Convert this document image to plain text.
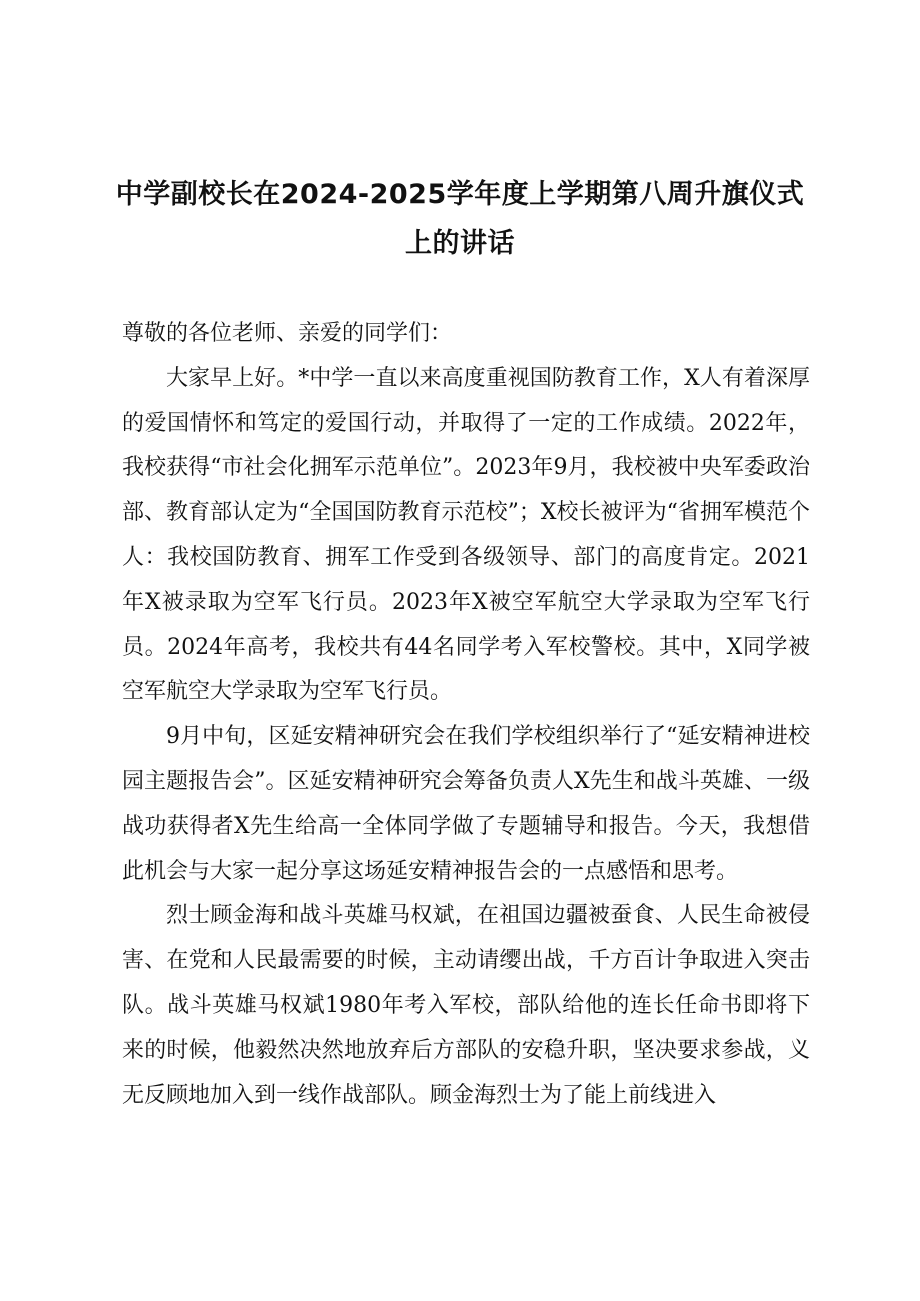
中学副校长在2024-2025学年度上学期第八周升旗仪式
上的讲话

尊敬的各位老师、亲爱的同学们：

大家早上好。*中学一直以来高度重视国防教育工作，X人有着深厚的爱国情怀和笃定的爱国行动，并取得了一定的工作成绩。2022年，我校获得“市社会化拥军示范单位”。2023年9月，我校被中央军委政治部、教育部认定为“全国国防教育示范校”；X校长被评为“省拥军模范个人：我校国防教育、拥军工作受到各级领导、部门的高度肯定。2021年X被录取为空军飞行员。2023年X被空军航空大学录取为空军飞行员。2024年高考，我校共有44名同学考入军校警校。其中，X同学被空军航空大学录取为空军飞行员。

9月中旬，区延安精神研究会在我们学校组织举行了“延安精神进校园主题报告会”。区延安精神研究会筹备负责人X先生和战斗英雄、一级战功获得者X先生给高一全体同学做了专题辅导和报告。今天，我想借此机会与大家一起分享这场延安精神报告会的一点感悟和思考。

烈士顾金海和战斗英雄马权斌，在祖国边疆被蚕食、人民生命被侵害、在党和人民最需要的时候，主动请缨出战，千方百计争取进入突击队。战斗英雄马权斌1980年考入军校，部队给他的连长任命书即将下来的时候，他毅然决然地放弃后方部队的安稳升职，坚决要求参战，义无反顾地加入到一线作战部队。顾金海烈士为了能上前线进入
